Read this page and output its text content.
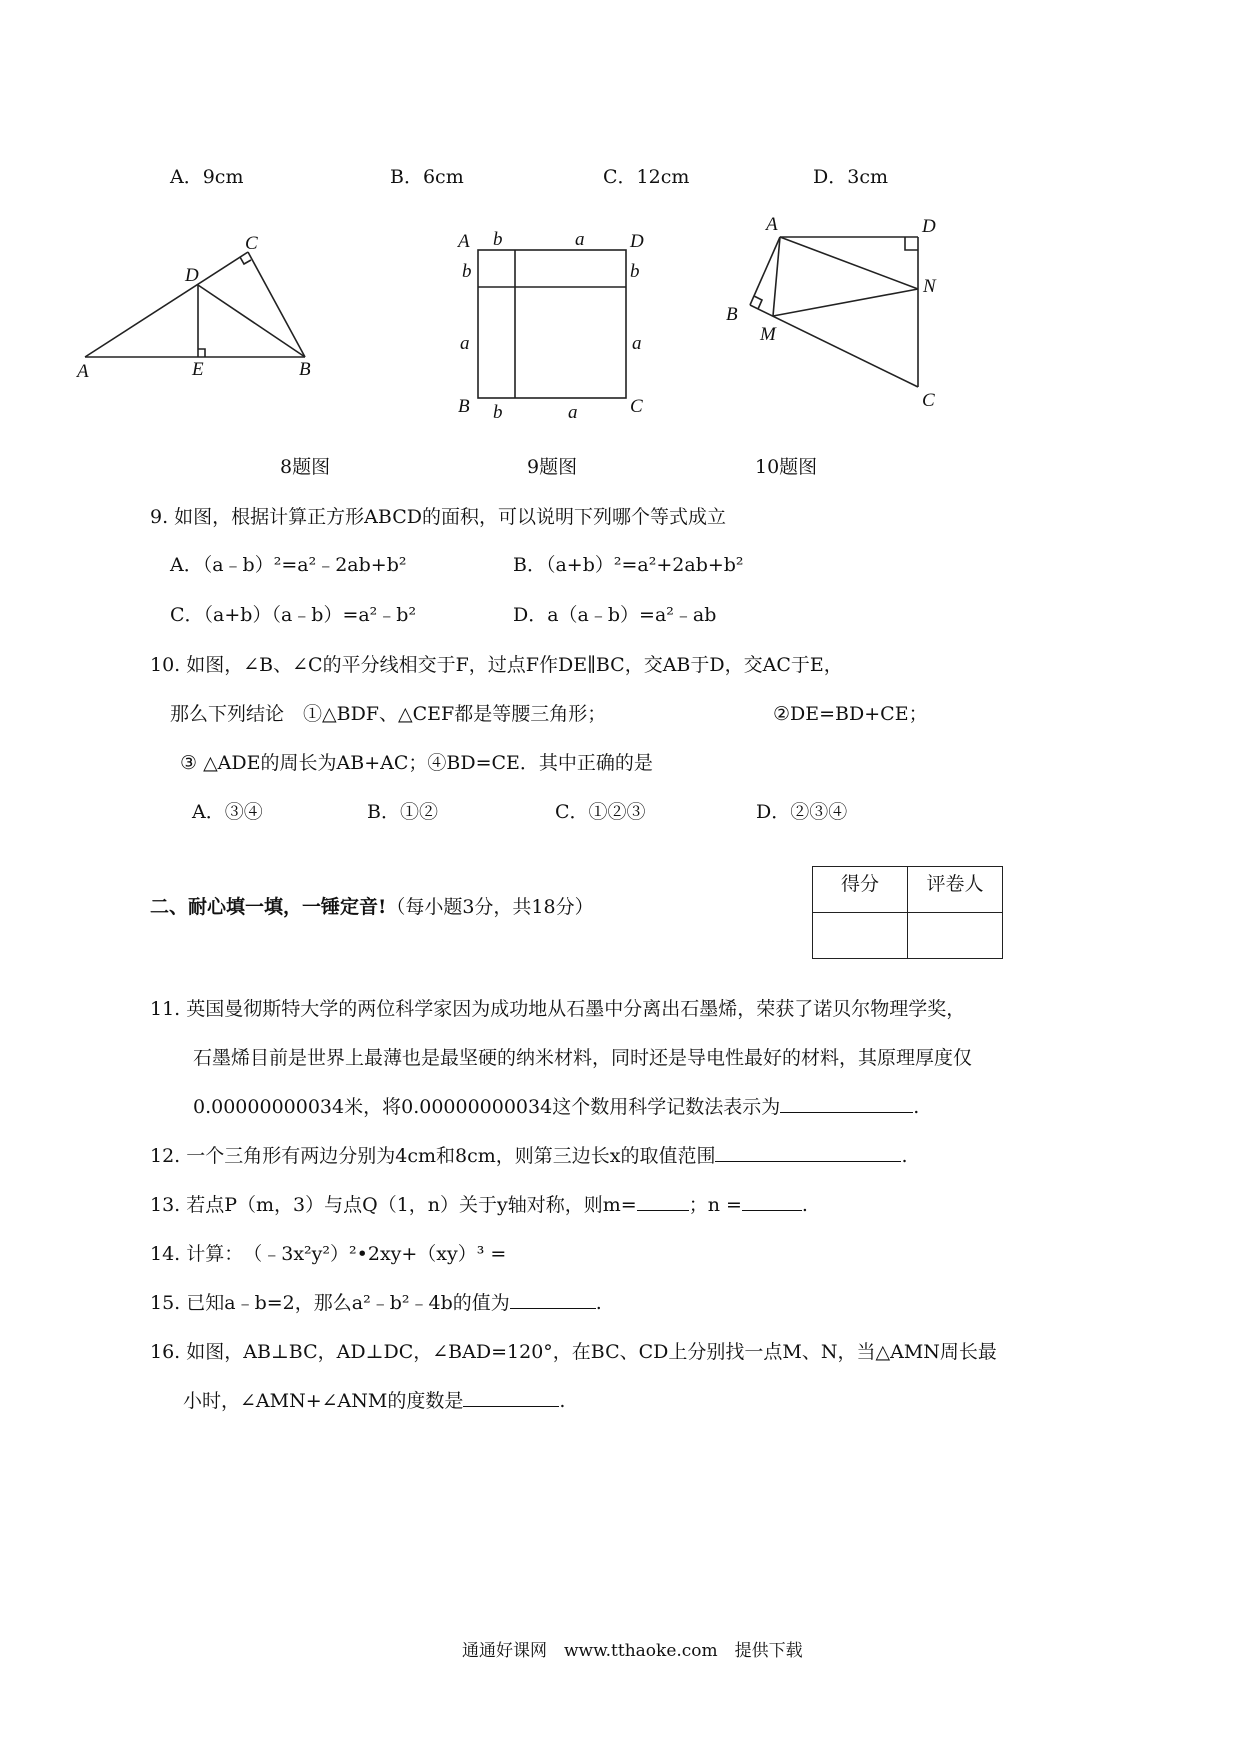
A．9cm	B．6cm	C．12cm	D．3cm
A	E	B
D
C
8题图
A	D
B	C
b	a
b	b
a	a
b	a
9题图
A	D
N
B
M
C
10题图
9. 如图，根据计算正方形ABCD的面积，可以说明下列哪个等式成立
A．（a﹣b）²=a²﹣2ab+b²	B．（a+b）²=a²+2ab+b²
C．（a+b）（a﹣b）=a²﹣b²	D．a（a﹣b）=a²﹣ab
10. 如图，∠B、∠C的平分线相交于F，过点F作DE∥BC，交AB于D，交AC于E，
那么下列结论　①△BDF、△CEF都是等腰三角形；	②DE=BD+CE；
③ △ADE的周长为AB+AC；④BD=CE．其中正确的是
A．③④	B．①②	C．①②③	D．②③④
二、耐心填一填，一锤定音!（每小题3分，共18分）
得分	评卷人

11. 英国曼彻斯特大学的两位科学家因为成功地从石墨中分离出石墨烯，荣获了诺贝尔物理学奖，
石墨烯目前是世界上最薄也是最坚硬的纳米材料，同时还是导电性最好的材料，其原理厚度仅
0.00000000034米，将0.00000000034这个数用科学记数法表示为	.
12. 一个三角形有两边分别为4cm和8cm，则第三边长x的取值范围	.
13. 若点P（m，3）与点Q（1，n）关于y轴对称，则m=	；n =	.
14. 计算：　（﹣3x²y²）²•2xy+（xy）³ =
15. 已知a﹣b=2，那么a²﹣b²﹣4b的值为	.
16. 如图，AB⊥BC，AD⊥DC，∠BAD=120°，在BC、CD上分别找一点M、N，当△AMN周长最
小时，∠AMN+∠ANM的度数是	.
通通好课网　www.tthaoke.com　提供下载
